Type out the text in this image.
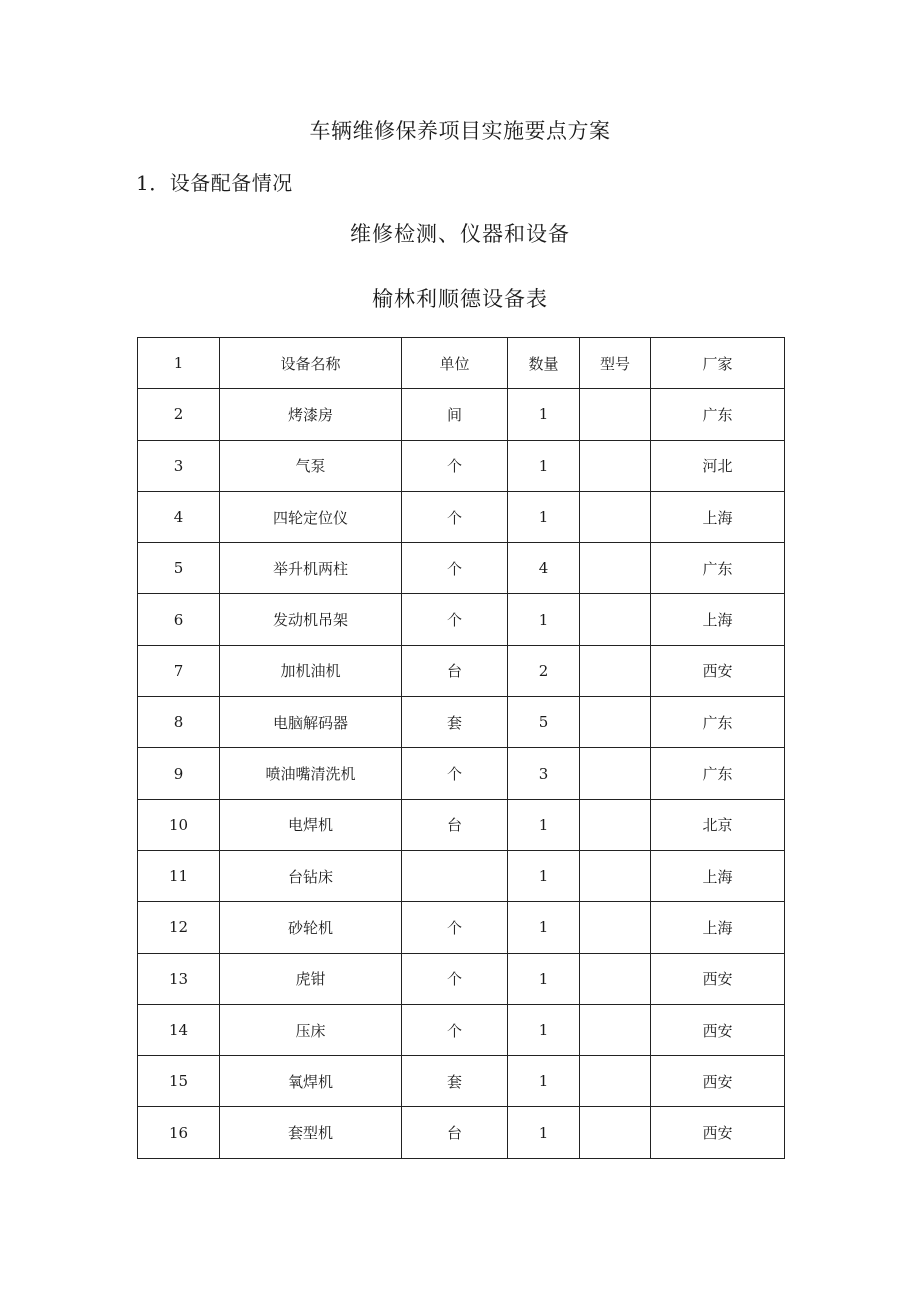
车辆维修保养项目实施要点方案
1．设备配备情况
维修检测、仪器和设备
榆林利顺德设备表
1	设备名称	单位	数量	型号	厂家
2	烤漆房	间	1		广东
3	气泵	个	1		河北
4	四轮定位仪	个	1		上海
5	举升机两柱	个	4		广东
6	发动机吊架	个	1		上海
7	加机油机	台	2		西安
8	电脑解码器	套	5		广东
9	喷油嘴清洗机	个	3		广东
10	电焊机	台	1		北京
11	台钻床		1		上海
12	砂轮机	个	1		上海
13	虎钳	个	1		西安
14	压床	个	1		西安
15	氧焊机	套	1		西安
16	套型机	台	1		西安
